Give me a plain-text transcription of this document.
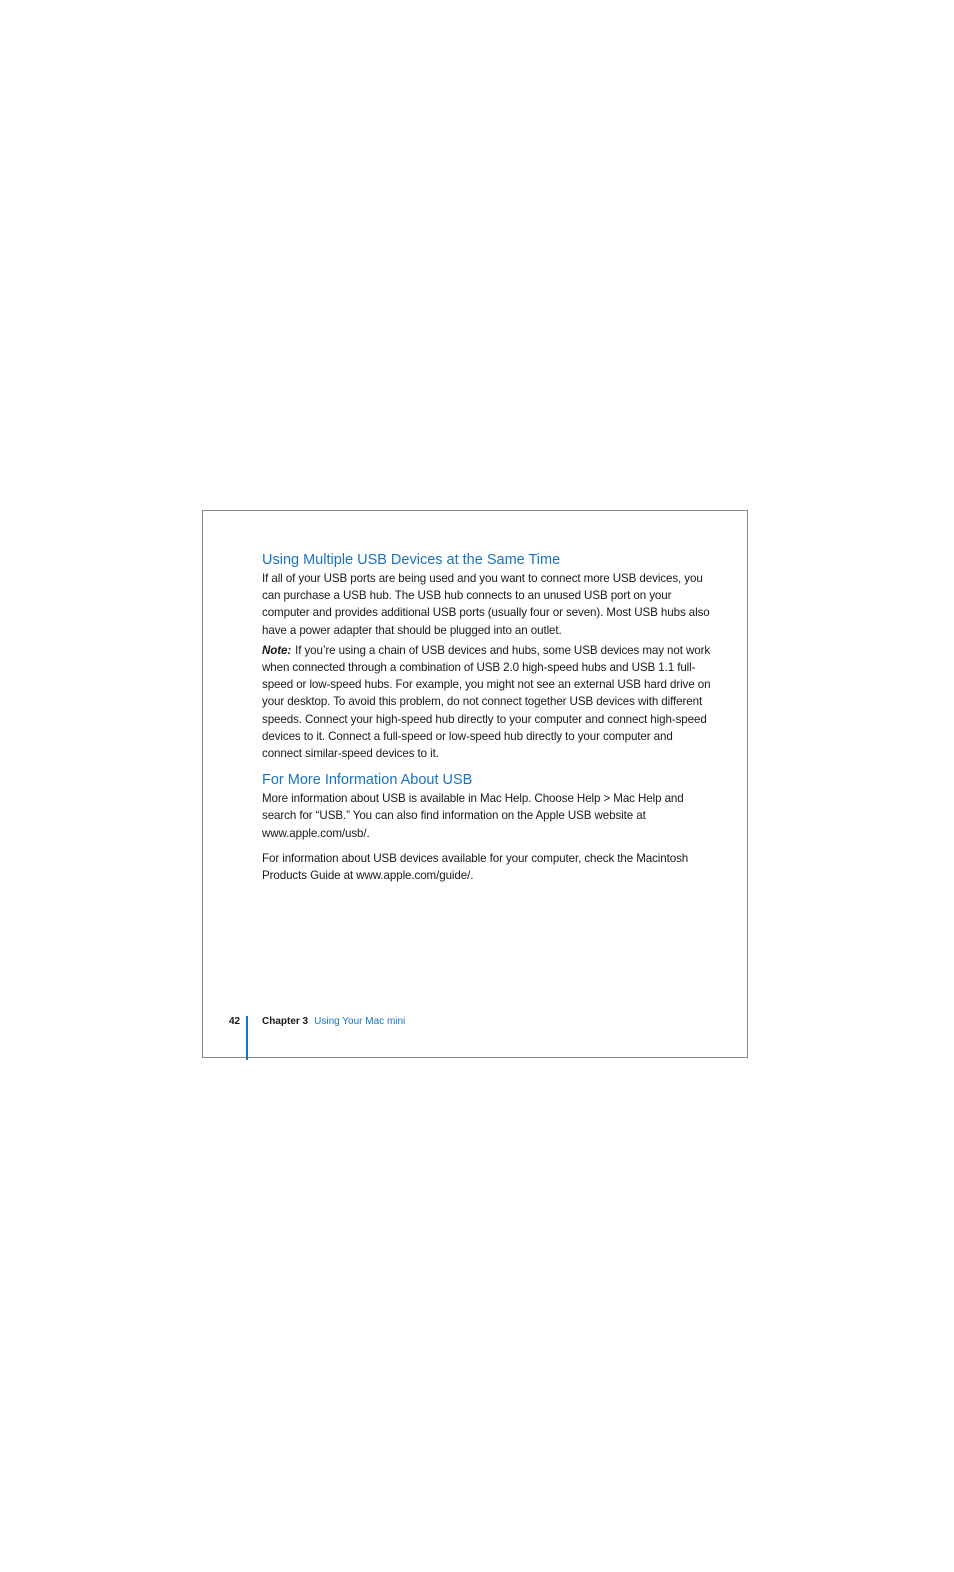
Using Multiple USB Devices at the Same Time

If all of your USB ports are being used and you want to connect more USB devices, you can purchase a USB hub. The USB hub connects to an unused USB port on your computer and provides additional USB ports (usually four or seven). Most USB hubs also have a power adapter that should be plugged into an outlet.

Note: If you’re using a chain of USB devices and hubs, some USB devices may not work when connected through a combination of USB 2.0 high-speed hubs and USB 1.1 full-speed or low-speed hubs. For example, you might not see an external USB hard drive on your desktop. To avoid this problem, do not connect together USB devices with different speeds. Connect your high-speed hub directly to your computer and connect high-speed devices to it. Connect a full-speed or low-speed hub directly to your computer and connect similar-speed devices to it.

For More Information About USB

More information about USB is available in Mac Help. Choose Help > Mac Help and search for “USB.” You can also find information on the Apple USB website at www.apple.com/usb/.

For information about USB devices available for your computer, check the Macintosh Products Guide at www.apple.com/guide/.

42 Chapter 3 Using Your Mac mini
